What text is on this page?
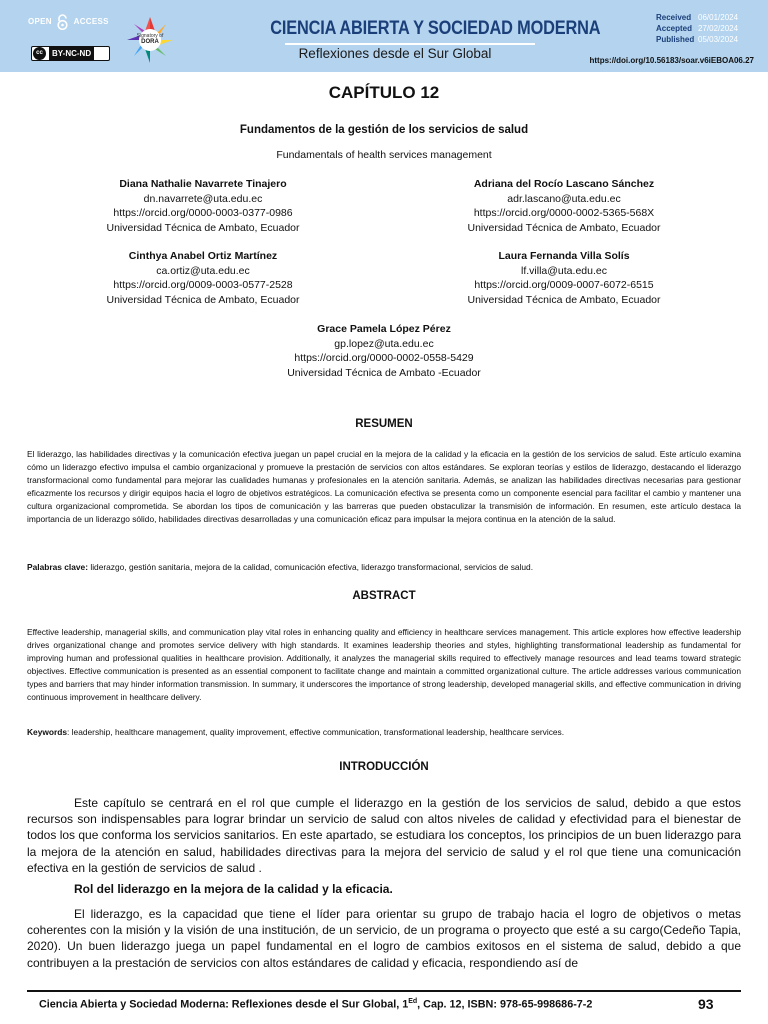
OPEN	ACCESS
cc	BY-NC-ND
Signatory of
DORA
CIENCIA ABIERTA Y SOCIEDAD MODERNA
Reflexiones desde el Sur Global
Received 06/01/2024
Accepted 27/02/2024
Published 05/03/2024
https://doi.org/10.56183/soar.v6iEBOA06.27
CAPÍTULO 12
Fundamentos de la gestión de los servicios de salud
Fundamentals of health services management
Diana Nathalie Navarrete Tinajero
dn.navarrete@uta.edu.ec
https://orcid.org/0000-0003-0377-0986
Universidad Técnica de Ambato, Ecuador
Adriana del Rocío Lascano Sánchez
adr.lascano@uta.edu.ec
https://orcid.org/0000-0002-5365-568X
Universidad Técnica de Ambato, Ecuador
Cinthya Anabel Ortiz Martínez
ca.ortiz@uta.edu.ec
https://orcid.org/0009-0003-0577-2528
Universidad Técnica de Ambato, Ecuador
Laura Fernanda Villa Solís
lf.villa@uta.edu.ec
https://orcid.org/0009-0007-6072-6515
Universidad Técnica de Ambato, Ecuador
Grace Pamela López Pérez
gp.lopez@uta.edu.ec
https://orcid.org/0000-0002-0558-5429
Universidad Técnica de Ambato -Ecuador
RESUMEN
El liderazgo, las habilidades directivas y la comunicación efectiva juegan un papel crucial en la mejora de la calidad y la eficacia en la gestión de los servicios de salud. Este artículo examina cómo un liderazgo efectivo impulsa el cambio organizacional y promueve la prestación de servicios con altos estándares. Se exploran teorías y estilos de liderazgo, destacando el liderazgo transformacional como fundamental para mejorar las cualidades humanas y profesionales en la atención sanitaria. Además, se analizan las habilidades directivas necesarias para gestionar eficazmente los recursos y dirigir equipos hacia el logro de objetivos estratégicos. La comunicación efectiva se presenta como un componente esencial para facilitar el cambio y mantener una cultura organizacional comprometida. Se abordan los tipos de comunicación y las barreras que pueden obstaculizar la transmisión de información. En resumen, este artículo destaca la importancia de un liderazgo sólido, habilidades directivas desarrolladas y una comunicación eficaz para impulsar la mejora continua en la atención de la salud.
Palabras clave: liderazgo, gestión sanitaria, mejora de la calidad, comunicación efectiva, liderazgo transformacional, servicios de salud.
ABSTRACT
Effective leadership, managerial skills, and communication play vital roles in enhancing quality and efficiency in healthcare services management. This article explores how effective leadership drives organizational change and promotes service delivery with high standards. It examines leadership theories and styles, highlighting transformational leadership as fundamental for improving human and professional qualities in healthcare provision. Additionally, it analyzes the managerial skills required to effectively manage resources and lead teams toward strategic objectives. Effective communication is presented as an essential component to facilitate change and maintain a committed organizational culture. The article addresses various communication types and barriers that may hinder information transmission. In summary, it underscores the importance of strong leadership, developed managerial skills, and effective communication in driving continuous improvement in healthcare delivery.
Keywords: leadership, healthcare management, quality improvement, effective communication, transformational leadership, healthcare services.
INTRODUCCIÓN
Este capítulo se centrará en el rol que cumple el liderazgo en la gestión de los servicios de salud, debido a que estos recursos son indispensables para lograr brindar un servicio de salud con altos niveles de calidad y efectividad para el bienestar de todos los que conforma los servicios sanitarios. En este apartado, se estudiara los conceptos, los principios de un buen liderazgo para la mejora de la atención en salud, habilidades directivas para la mejora del servicio de salud y el rol que tiene una comunicación efectiva en la gestión de servicios de salud .
Rol del liderazgo en la mejora de la calidad y la eficacia.
El liderazgo, es la capacidad que tiene el líder para orientar su grupo de trabajo hacia el logro de objetivos o metas coherentes con la misión y la visión de una institución, de un servicio, de un programa o proyecto que esté a su cargo(Cedeño Tapia, 2020). Un buen liderazgo juega un papel fundamental en el logro de cambios exitosos en el sistema de salud, debido a que contribuyen a la prestación de servicios con altos estándares de calidad y eficacia, respondiendo así de
Ciencia Abierta y Sociedad Moderna: Reflexiones desde el Sur Global, $1^{Ed}$, Cap. 12, ISBN: 978-65-998686-7-2	93
